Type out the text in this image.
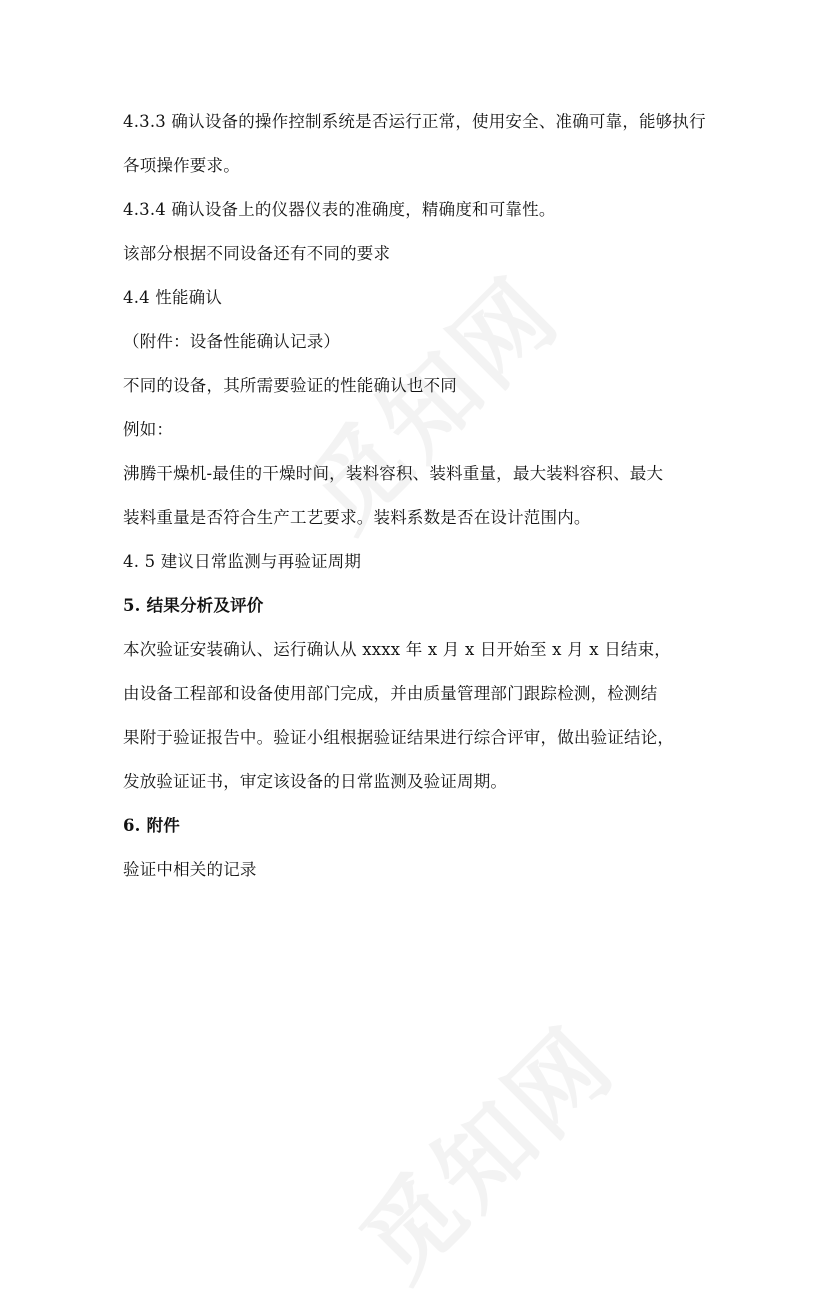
4.3.3 确认设备的操作控制系统是否运行正常，使用安全、准确可靠，能够执行
各项操作要求。
4.3.4 确认设备上的仪器仪表的准确度，精确度和可靠性。
该部分根据不同设备还有不同的要求
4.4 性能确认
（附件：设备性能确认记录）
不同的设备，其所需要验证的性能确认也不同
例如：
沸腾干燥机-最佳的干燥时间，装料容积、装料重量，最大装料容积、最大
装料重量是否符合生产工艺要求。装料系数是否在设计范围内。
4. 5 建议日常监测与再验证周期
5. 结果分析及评价
本次验证安装确认、运行确认从 xxxx 年 x 月 x 日开始至 x 月 x 日结束，
由设备工程部和设备使用部门完成，并由质量管理部门跟踪检测，检测结
果附于验证报告中。验证小组根据验证结果进行综合评审，做出验证结论，
发放验证证书，审定该设备的日常监测及验证周期。
6. 附件
验证中相关的记录
